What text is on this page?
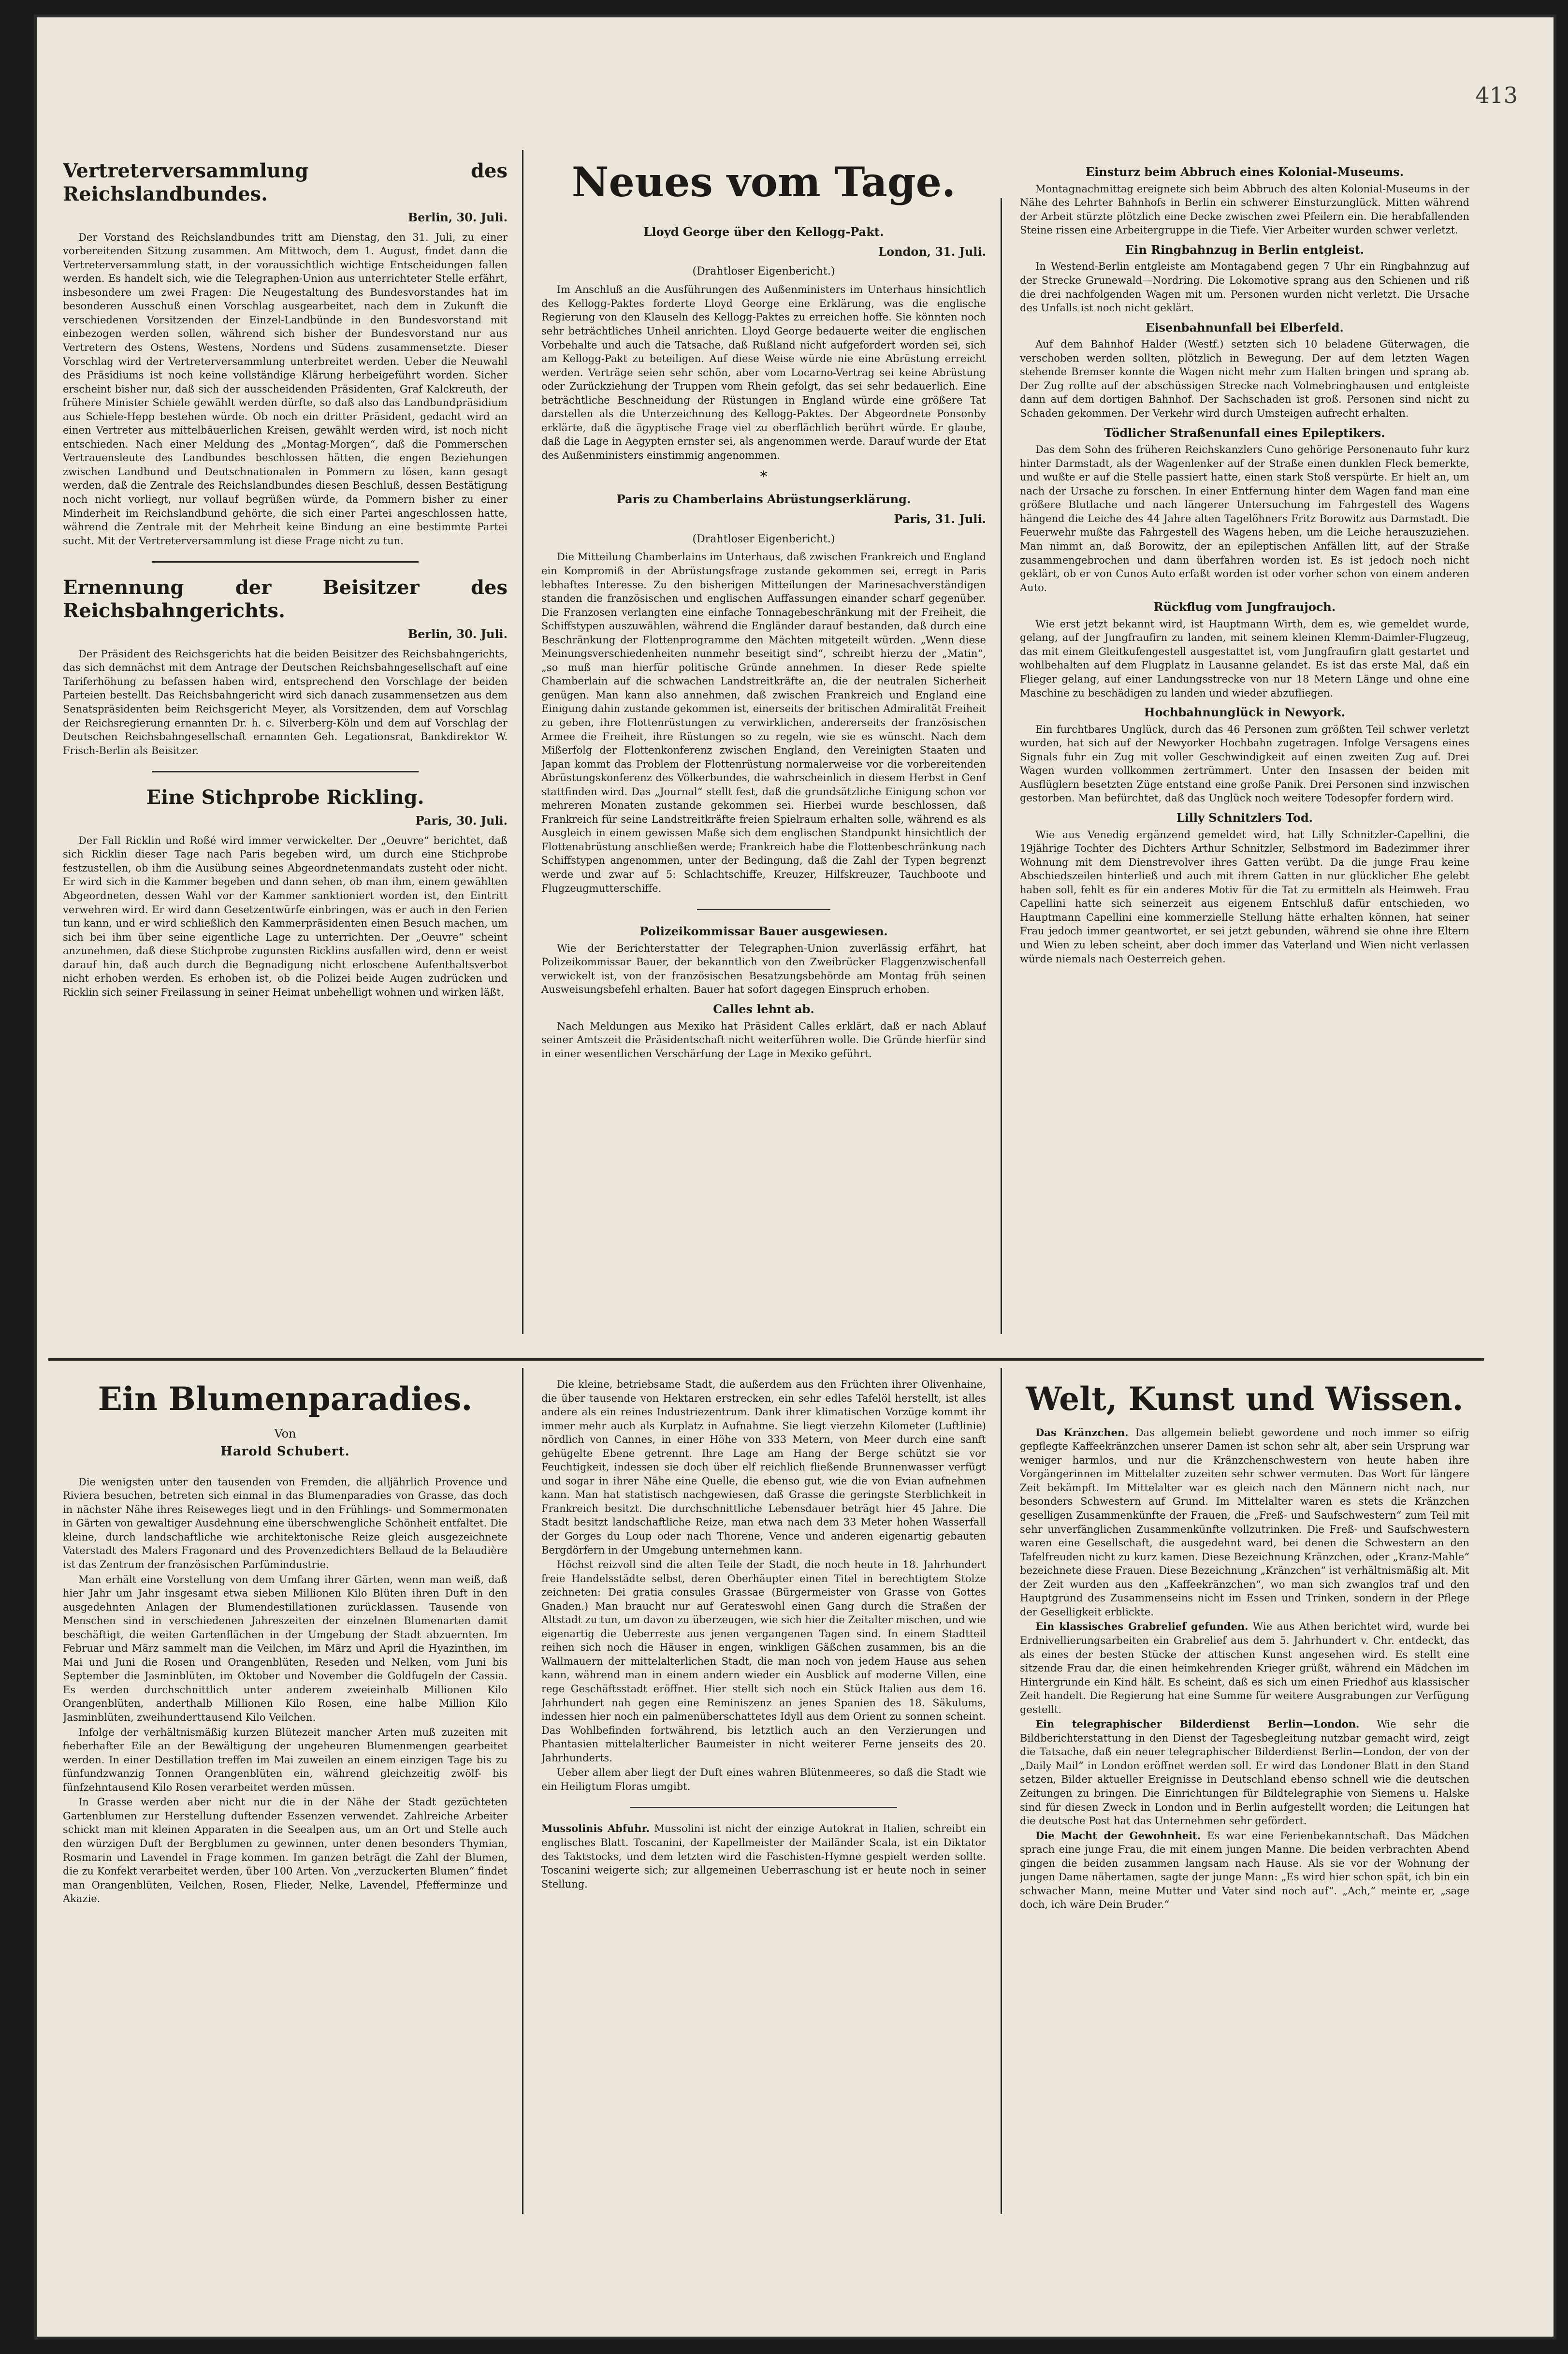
413
Vertreterversammlung des Reichslandbundes.
Berlin, 30. Juli.

Der Vorstand des Reichslandbundes tritt am Dienstag, den 31. Juli, zu einer vorbereitenden Sitzung zusammen. Am Mittwoch, dem 1. August, findet dann die Vertreterversammlung statt, in der voraussichtlich wichtige Entscheidungen fallen werden. Es handelt sich, wie die Telegraphen-Union aus unterrichteter Stelle erfährt, insbesondere um zwei Fragen: Die Neugestaltung des Bundesvorstandes hat im besonderen Ausschuß einen Vorschlag ausgearbeitet, nach dem in Zukunft die verschiedenen Vorsitzenden der Einzel-Landbünde in den Bundesvorstand mit einbezogen werden sollen, während sich bisher der Bundesvorstand nur aus Vertretern des Ostens, Westens, Nordens und Südens zusammensetzte. Dieser Vorschlag wird der Vertreterversammlung unterbreitet werden. Ueber die Neuwahl des Präsidiums ist noch keine vollständige Klärung herbeigeführt worden. Sicher erscheint bisher nur, daß sich der ausscheidenden Präsidenten, Graf Kalckreuth, der frühere Minister Schiele gewählt werden dürfte, so daß also das Landbundpräsidium aus Schiele-Hepp bestehen würde. Ob noch ein dritter Präsident, gedacht wird an einen Vertreter aus mittelbäuerlichen Kreisen, gewählt werden wird, ist noch nicht entschieden. Nach einer Meldung des „Montag-Morgen“, daß die Pommerschen Vertrauensleute des Landbundes beschlossen hätten, die engen Beziehungen zwischen Landbund und Deutschnationalen in Pommern zu lösen, kann gesagt werden, daß die Zentrale des Reichslandbundes diesen Beschluß, dessen Bestätigung noch nicht vorliegt, nur vollauf begrüßen würde, da Pommern bisher zu einer Minderheit im Reichslandbund gehörte, die sich einer Partei angeschlossen hatte, während die Zentrale mit der Mehrheit keine Bindung an eine bestimmte Partei sucht. Mit der Vertreterversammlung ist diese Frage nicht zu tun.

Ernennung der Beisitzer des Reichsbahngerichts.
Berlin, 30. Juli.

Der Präsident des Reichsgerichts hat die beiden Beisitzer des Reichsbahngerichts, das sich demnächst mit dem Antrage der Deutschen Reichsbahngesellschaft auf eine Tariferhöhung zu befassen haben wird, entsprechend den Vorschlage der beiden Parteien bestellt. Das Reichsbahngericht wird sich danach zusammensetzen aus dem Senatspräsidenten beim Reichsgericht Meyer, als Vorsitzenden, dem auf Vorschlag der Reichsregierung ernannten Dr. h. c. Silverberg-Köln und dem auf Vorschlag der Deutschen Reichsbahngesellschaft ernannten Geh. Legationsrat, Bankdirektor W. Frisch-Berlin als Beisitzer.

Eine Stichprobe Rickling.
Paris, 30. Juli.

Der Fall Ricklin und Roßé wird immer verwickelter. Der „Oeuvre“ berichtet, daß sich Ricklin dieser Tage nach Paris begeben wird, um durch eine Stichprobe festzustellen, ob ihm die Ausübung seines Abgeordnetenmandats zusteht oder nicht. Er wird sich in die Kammer begeben und dann sehen, ob man ihm, einem gewählten Abgeordneten, dessen Wahl vor der Kammer sanktioniert worden ist, den Eintritt verwehren wird. Er wird dann Gesetzentwürfe einbringen, was er auch in den Ferien tun kann, und er wird schließlich den Kammerpräsidenten einen Besuch machen, um sich bei ihm über seine eigentliche Lage zu unterrichten. Der „Oeuvre“ scheint anzunehmen, daß diese Stichprobe zugunsten Ricklins ausfallen wird, denn er weist darauf hin, daß auch durch die Begnadigung nicht erloschene Aufenthaltsverbot nicht erhoben werden. Es erhoben ist, ob die Polizei beide Augen zudrücken und Ricklin sich seiner Freilassung in seiner Heimat unbehelligt wohnen und wirken läßt.

Neues vom Tage.
Lloyd George über den Kellogg-Pakt.
London, 31. Juli.
(Drahtloser Eigenbericht.)

Im Anschluß an die Ausführungen des Außenministers im Unterhaus hinsichtlich des Kellogg-Paktes forderte Lloyd George eine Erklärung, was die englische Regierung von den Klauseln des Kellogg-Paktes zu erreichen hoffe. Sie könnten noch sehr beträchtliches Unheil anrichten. Lloyd George bedauerte weiter die englischen Vorbehalte und auch die Tatsache, daß Rußland nicht aufgefordert worden sei, sich am Kellogg-Pakt zu beteiligen. Auf diese Weise würde nie eine Abrüstung erreicht werden. Verträge seien sehr schön, aber vom Locarno-Vertrag sei keine Abrüstung oder Zurückziehung der Truppen vom Rhein gefolgt, das sei sehr bedauerlich. Eine beträchtliche Beschneidung der Rüstungen in England würde eine größere Tat darstellen als die Unterzeichnung des Kellogg-Paktes. Der Abgeordnete Ponsonby erklärte, daß die ägyptische Frage viel zu oberflächlich berührt würde. Er glaube, daß die Lage in Aegypten ernster sei, als angenommen werde. Darauf wurde der Etat des Außenministers einstimmig angenommen.

*
Paris zu Chamberlains Abrüstungserklärung.
Paris, 31. Juli.
(Drahtloser Eigenbericht.)

Die Mitteilung Chamberlains im Unterhaus, daß zwischen Frankreich und England ein Kompromiß in der Abrüstungsfrage zustande gekommen sei, erregt in Paris lebhaftes Interesse. Zu den bisherigen Mitteilungen der Marinesachverständigen standen die französischen und englischen Auffassungen einander scharf gegenüber. Die Franzosen verlangten eine einfache Tonnagebeschränkung mit der Freiheit, die Schiffstypen auszuwählen, während die Engländer darauf bestanden, daß durch eine Beschränkung der Flottenprogramme den Mächten mitgeteilt würden. „Wenn diese Meinungsverschiedenheiten nunmehr beseitigt sind“, schreibt hierzu der „Matin“, „so muß man hierfür politische Gründe annehmen. In dieser Rede spielte Chamberlain auf die schwachen Landstreitkräfte an, die der neutralen Sicherheit genügen. Man kann also annehmen, daß zwischen Frankreich und England eine Einigung dahin zustande gekommen ist, einerseits der britischen Admiralität Freiheit zu geben, ihre Flottenrüstungen zu verwirklichen, andererseits der französischen Armee die Freiheit, ihre Rüstungen so zu regeln, wie sie es wünscht. Nach dem Mißerfolg der Flottenkonferenz zwischen England, den Vereinigten Staaten und Japan kommt das Problem der Flottenrüstung normalerweise vor die vorbereitenden Abrüstungskonferenz des Völkerbundes, die wahrscheinlich in diesem Herbst in Genf stattfinden wird. Das „Journal“ stellt fest, daß die grundsätzliche Einigung schon vor mehreren Monaten zustande gekommen sei. Hierbei wurde beschlossen, daß Frankreich für seine Landstreitkräfte freien Spielraum erhalten solle, während es als Ausgleich in einem gewissen Maße sich dem englischen Standpunkt hinsichtlich der Flottenabrüstung anschließen werde; Frankreich habe die Flottenbeschränkung nach Schiffstypen angenommen, unter der Bedingung, daß die Zahl der Typen begrenzt werde und zwar auf 5: Schlachtschiffe, Kreuzer, Hilfskreuzer, Tauchboote und Flugzeugmutterschiffe.

Polizeikommissar Bauer ausgewiesen.

Wie der Berichterstatter der Telegraphen-Union zuverlässig erfährt, hat Polizeikommissar Bauer, der bekanntlich von den Zweibrücker Flaggenzwischenfall verwickelt ist, von der französischen Besatzungsbehörde am Montag früh seinen Ausweisungsbefehl erhalten. Bauer hat sofort dagegen Einspruch erhoben.

Calles lehnt ab.

Nach Meldungen aus Mexiko hat Präsident Calles erklärt, daß er nach Ablauf seiner Amtszeit die Präsidentschaft nicht weiterführen wolle. Die Gründe hierfür sind in einer wesentlichen Verschärfung der Lage in Mexiko geführt.

Einsturz beim Abbruch eines Kolonial-Museums.

Montagnachmittag ereignete sich beim Abbruch des alten Kolonial-Museums in der Nähe des Lehrter Bahnhofs in Berlin ein schwerer Einsturzunglück. Mitten während der Arbeit stürzte plötzlich eine Decke zwischen zwei Pfeilern ein. Die herabfallenden Steine rissen eine Arbeitergruppe in die Tiefe. Vier Arbeiter wurden schwer verletzt.

Ein Ringbahnzug in Berlin entgleist.

In Westend-Berlin entgleiste am Montagabend gegen 7 Uhr ein Ringbahnzug auf der Strecke Grunewald—Nordring. Die Lokomotive sprang aus den Schienen und riß die drei nachfolgenden Wagen mit um. Personen wurden nicht verletzt. Die Ursache des Unfalls ist noch nicht geklärt.

Eisenbahnunfall bei Elberfeld.

Auf dem Bahnhof Halder (Westf.) setzten sich 10 beladene Güterwagen, die verschoben werden sollten, plötzlich in Bewegung. Der auf dem letzten Wagen stehende Bremser konnte die Wagen nicht mehr zum Halten bringen und sprang ab. Der Zug rollte auf der abschüssigen Strecke nach Volmebringhausen und entgleiste dann auf dem dortigen Bahnhof. Der Sachschaden ist groß. Personen sind nicht zu Schaden gekommen. Der Verkehr wird durch Umsteigen aufrecht erhalten.

Tödlicher Straßenunfall eines Epileptikers.

Das dem Sohn des früheren Reichskanzlers Cuno gehörige Personenauto fuhr kurz hinter Darmstadt, als der Wagenlenker auf der Straße einen dunklen Fleck bemerkte, und wußte er auf die Stelle passiert hatte, einen stark Stoß verspürte. Er hielt an, um nach der Ursache zu forschen. In einer Entfernung hinter dem Wagen fand man eine größere Blutlache und nach längerer Untersuchung im Fahrgestell des Wagens hängend die Leiche des 44 Jahre alten Tagelöhners Fritz Borowitz aus Darmstadt. Die Feuerwehr mußte das Fahrgestell des Wagens heben, um die Leiche herauszuziehen. Man nimmt an, daß Borowitz, der an epileptischen Anfällen litt, auf der Straße zusammengebrochen und dann überfahren worden ist. Es ist jedoch noch nicht geklärt, ob er von Cunos Auto erfaßt worden ist oder vorher schon von einem anderen Auto.

Rückflug vom Jungfraujoch.

Wie erst jetzt bekannt wird, ist Hauptmann Wirth, dem es, wie gemeldet wurde, gelang, auf der Jungfraufirn zu landen, mit seinem kleinen Klemm-Daimler-Flugzeug, das mit einem Gleitkufengestell ausgestattet ist, vom Jungfraufirn glatt gestartet und wohlbehalten auf dem Flugplatz in Lausanne gelandet. Es ist das erste Mal, daß ein Flieger gelang, auf einer Landungsstrecke von nur 18 Metern Länge und ohne eine Maschine zu beschädigen zu landen und wieder abzufliegen.

Hochbahnunglück in Newyork.

Ein furchtbares Unglück, durch das 46 Personen zum größten Teil schwer verletzt wurden, hat sich auf der Newyorker Hochbahn zugetragen. Infolge Versagens eines Signals fuhr ein Zug mit voller Geschwindigkeit auf einen zweiten Zug auf. Drei Wagen wurden vollkommen zertrümmert. Unter den Insassen der beiden mit Ausflüglern besetzten Züge entstand eine große Panik. Drei Personen sind inzwischen gestorben. Man befürchtet, daß das Unglück noch weitere Todesopfer fordern wird.

Lilly Schnitzlers Tod.

Wie aus Venedig ergänzend gemeldet wird, hat Lilly Schnitzler-Capellini, die 19jährige Tochter des Dichters Arthur Schnitzler, Selbstmord im Badezimmer ihrer Wohnung mit dem Dienstrevolver ihres Gatten verübt. Da die junge Frau keine Abschiedszeilen hinterließ und auch mit ihrem Gatten in nur glücklicher Ehe gelebt haben soll, fehlt es für ein anderes Motiv für die Tat zu ermitteln als Heimweh. Frau Capellini hatte sich seinerzeit aus eigenem Entschluß dafür entschieden, wo Hauptmann Capellini eine kommerzielle Stellung hätte erhalten können, hat seiner Frau jedoch immer geantwortet, er sei jetzt gebunden, während sie ohne ihre Eltern und Wien zu leben scheint, aber doch immer das Vaterland und Wien nicht verlassen würde niemals nach Oesterreich gehen.

Ein Blumenparadies.
Von
Harold Schubert.

Die wenigsten unter den tausenden von Fremden, die alljährlich Provence und Riviera besuchen, betreten sich einmal in das Blumenparadies von Grasse, das doch in nächster Nähe ihres Reiseweges liegt und in den Frühlings- und Sommermonaten in Gärten von gewaltiger Ausdehnung eine überschwengliche Schönheit entfaltet. Die kleine, durch landschaftliche wie architektonische Reize gleich ausgezeichnete Vaterstadt des Malers Fragonard und des Provenzedichters Bellaud de la Belaudière ist das Zentrum der französischen Parfümindustrie.

Man erhält eine Vorstellung von dem Umfang ihrer Gärten, wenn man weiß, daß hier Jahr um Jahr insgesamt etwa sieben Millionen Kilo Blüten ihren Duft in den ausgedehnten Anlagen der Blumendestillationen zurücklassen. Tausende von Menschen sind in verschiedenen Jahreszeiten der einzelnen Blumenarten damit beschäftigt, die weiten Gartenflächen in der Umgebung der Stadt abzuernten. Im Februar und März sammelt man die Veilchen, im März und April die Hyazinthen, im Mai und Juni die Rosen und Orangenblüten, Reseden und Nelken, vom Juni bis September die Jasminblüten, im Oktober und November die Goldfugeln der Cassia. Es werden durchschnittlich unter anderem zweieinhalb Millionen Kilo Orangenblüten, anderthalb Millionen Kilo Rosen, eine halbe Million Kilo Jasminblüten, zweihunderttausend Kilo Veilchen.

Infolge der verhältnismäßig kurzen Blütezeit mancher Arten muß zuzeiten mit fieberhafter Eile an der Bewältigung der ungeheuren Blumenmengen gearbeitet werden. In einer Destillation treffen im Mai zuweilen an einem einzigen Tage bis zu fünfundzwanzig Tonnen Orangenblüten ein, während gleichzeitig zwölf- bis fünfzehntausend Kilo Rosen verarbeitet werden müssen.

In Grasse werden aber nicht nur die in der Nähe der Stadt gezüchteten Gartenblumen zur Herstellung duftender Essenzen verwendet. Zahlreiche Arbeiter schickt man mit kleinen Apparaten in die Seealpen aus, um an Ort und Stelle auch den würzigen Duft der Bergblumen zu gewinnen, unter denen besonders Thymian, Rosmarin und Lavendel in Frage kommen. Im ganzen beträgt die Zahl der Blumen, die zu Konfekt verarbeitet werden, über 100 Arten. Von „verzuckerten Blumen“ findet man Orangenblüten, Veilchen, Rosen, Flieder, Nelke, Lavendel, Pfefferminze und Akazie.

Die kleine, betriebsame Stadt, die außerdem aus den Früchten ihrer Olivenhaine, die über tausende von Hektaren erstrecken, ein sehr edles Tafelöl herstellt, ist alles andere als ein reines Industriezentrum. Dank ihrer klimatischen Vorzüge kommt ihr immer mehr auch als Kurplatz in Aufnahme. Sie liegt vierzehn Kilometer (Luftlinie) nördlich von Cannes, in einer Höhe von 333 Metern, von Meer durch eine sanft gehügelte Ebene getrennt. Ihre Lage am Hang der Berge schützt sie vor Feuchtigkeit, indessen sie doch über elf reichlich fließende Brunnenwasser verfügt und sogar in ihrer Nähe eine Quelle, die ebenso gut, wie die von Evian aufnehmen kann. Man hat statistisch nachgewiesen, daß Grasse die geringste Sterblichkeit in Frankreich besitzt. Die durchschnittliche Lebensdauer beträgt hier 45 Jahre. Die Stadt besitzt landschaftliche Reize, man etwa nach dem 33 Meter hohen Wasserfall der Gorges du Loup oder nach Thorene, Vence und anderen eigenartig gebauten Bergdörfern in der Umgebung unternehmen kann.

Höchst reizvoll sind die alten Teile der Stadt, die noch heute in 18. Jahrhundert freie Handelsstädte selbst, deren Oberhäupter einen Titel in berechtigtem Stolze zeichneten: Dei gratia consules Grassae (Bürgermeister von Grasse von Gottes Gnaden.) Man braucht nur auf Gerateswohl einen Gang durch die Straßen der Altstadt zu tun, um davon zu überzeugen, wie sich hier die Zeitalter mischen, und wie eigenartig die Ueberreste aus jenen vergangenen Tagen sind. In einem Stadtteil reihen sich noch die Häuser in engen, winkligen Gäßchen zusammen, bis an die Wallmauern der mittelalterlichen Stadt, die man noch von jedem Hause aus sehen kann, während man in einem andern wieder ein Ausblick auf moderne Villen, eine rege Geschäftsstadt eröffnet. Hier stellt sich noch ein Stück Italien aus dem 16. Jahrhundert nah gegen eine Reminiszenz an jenes Spanien des 18. Säkulums, indessen hier noch ein palmenüberschattetes Idyll aus dem Orient zu sonnen scheint. Das Wohlbefinden fortwährend, bis letztlich auch an den Verzierungen und Phantasien mittelalterlicher Baumeister in nicht weiterer Ferne jenseits des 20. Jahrhunderts.

Ueber allem aber liegt der Duft eines wahren Blütenmeeres, so daß die Stadt wie ein Heiligtum Floras umgibt.

Mussolinis Abfuhr. Mussolini ist nicht der einzige Autokrat in Italien, schreibt ein englisches Blatt. Toscanini, der Kapellmeister der Mailänder Scala, ist ein Diktator des Taktstocks, und dem letzten wird die Faschisten-Hymne gespielt werden sollte. Toscanini weigerte sich; zur allgemeinen Ueberraschung ist er heute noch in seiner Stellung.

Welt, Kunst und Wissen.

Das Kränzchen. Das allgemein beliebt gewordene und noch immer so eifrig gepflegte Kaffeekränzchen unserer Damen ist schon sehr alt, aber sein Ursprung war weniger harmlos, und nur die Kränzchenschwestern von heute haben ihre Vorgängerinnen im Mittelalter zuzeiten sehr schwer vermuten. Das Wort für längere Zeit bekämpft. Im Mittelalter war es gleich nach den Männern nicht nach, nur besonders Schwestern auf Grund. Im Mittelalter waren es stets die Kränzchen geselligen Zusammenkünfte der Frauen, die „Freß- und Saufschwestern“ zum Teil mit sehr unverfänglichen Zusammenkünfte vollzutrinken. Die Freß- und Saufschwestern waren eine Gesellschaft, die ausgedehnt ward, bei denen die Schwestern an den Tafelfreuden nicht zu kurz kamen. Diese Bezeichnung Kränzchen, oder „Kranz-Mahle“ bezeichnete diese Frauen. Diese Bezeichnung „Kränzchen“ ist verhältnismäßig alt. Mit der Zeit wurden aus den „Kaffeekränzchen“, wo man sich zwanglos traf und den Hauptgrund des Zusammenseins nicht im Essen und Trinken, sondern in der Pflege der Geselligkeit erblickte.

Ein klassisches Grabrelief gefunden. Wie aus Athen berichtet wird, wurde bei Erdnivellierungsarbeiten ein Grabrelief aus dem 5. Jahrhundert v. Chr. entdeckt, das als eines der besten Stücke der attischen Kunst angesehen wird. Es stellt eine sitzende Frau dar, die einen heimkehrenden Krieger grüßt, während ein Mädchen im Hintergrunde ein Kind hält. Es scheint, daß es sich um einen Friedhof aus klassischer Zeit handelt. Die Regierung hat eine Summe für weitere Ausgrabungen zur Verfügung gestellt.

Ein telegraphischer Bilderdienst Berlin—London. Wie sehr die Bildberichterstattung in den Dienst der Tagesbegleitung nutzbar gemacht wird, zeigt die Tatsache, daß ein neuer telegraphischer Bilderdienst Berlin—London, der von der „Daily Mail“ in London eröffnet werden soll. Er wird das Londoner Blatt in den Stand setzen, Bilder aktueller Ereignisse in Deutschland ebenso schnell wie die deutschen Zeitungen zu bringen. Die Einrichtungen für Bildtelegraphie von Siemens u. Halske sind für diesen Zweck in London und in Berlin aufgestellt worden; die Leitungen hat die deutsche Post hat das Unternehmen sehr gefördert.

Die Macht der Gewohnheit. Es war eine Ferienbekanntschaft. Das Mädchen sprach eine junge Frau, die mit einem jungen Manne. Die beiden verbrachten Abend gingen die beiden zusammen langsam nach Hause. Als sie vor der Wohnung der jungen Dame nähertamen, sagte der junge Mann: „Es wird hier schon spät, ich bin ein schwacher Mann, meine Mutter und Vater sind noch auf“. „Ach,“ meinte er, „sage doch, ich wäre Dein Bruder.“
